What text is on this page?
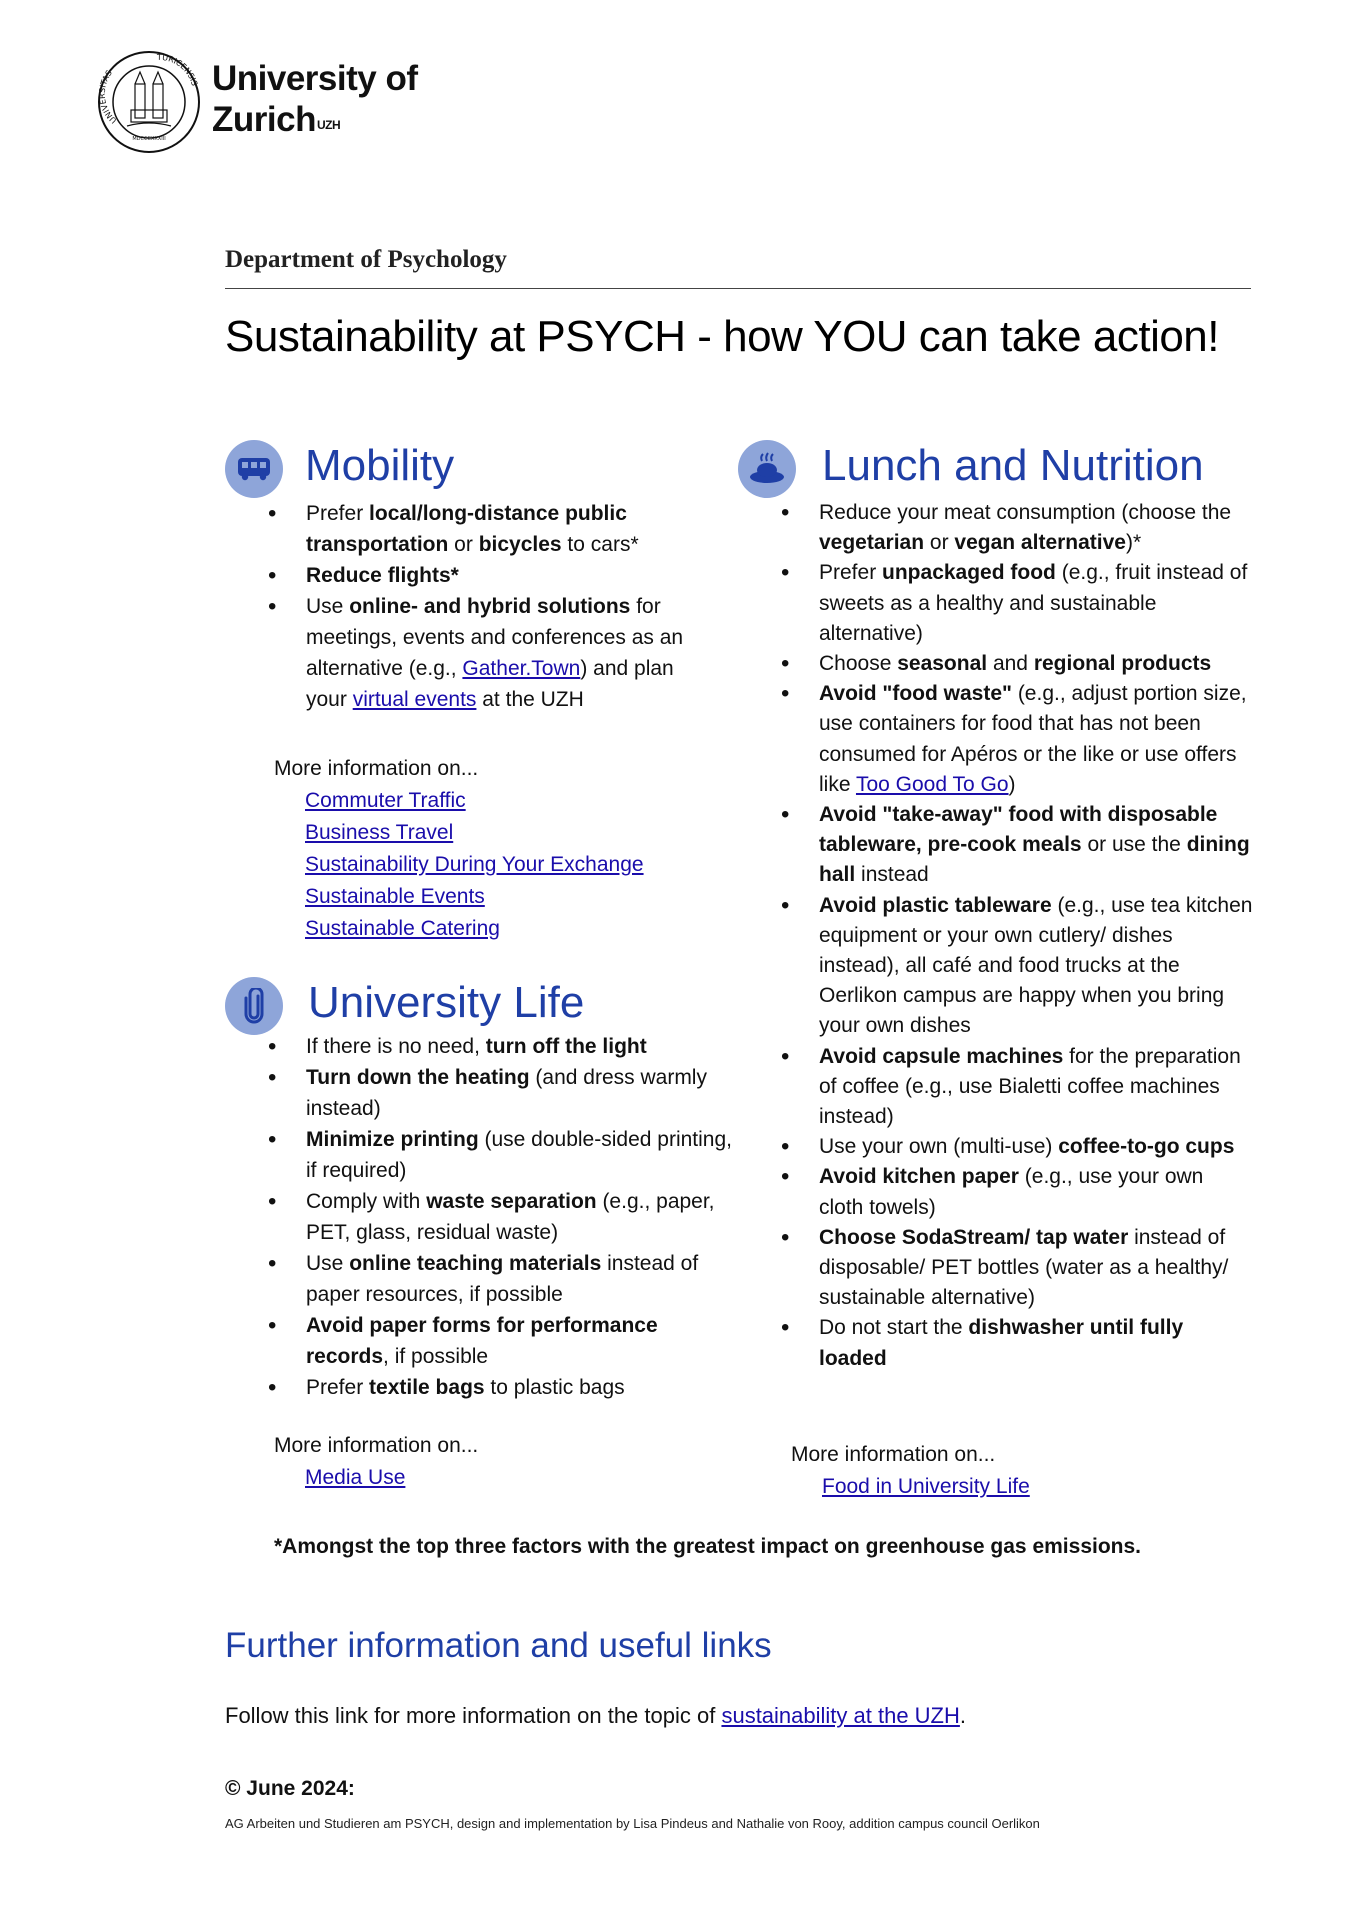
UNIVERSITAS
TURICENSIS
MDCCCXXXIII
University of
Zurich$^{UZH}$
Department of Psychology
Sustainability at PSYCH - how YOU can take action!
Mobility
• Prefer local/long-distance public transportation or bicycles to cars*
• Reduce flights*
• Use online- and hybrid solutions for meetings, events and conferences as an alternative (e.g., Gather.Town) and plan your virtual events at the UZH
More information on...
Commuter Traffic
Business Travel
Sustainability During Your Exchange
Sustainable Events
Sustainable Catering
University Life
• If there is no need, turn off the light
• Turn down the heating (and dress warmly instead)
• Minimize printing (use double-sided printing, if required)
• Comply with waste separation (e.g., paper, PET, glass, residual waste)
• Use online teaching materials instead of paper resources, if possible
• Avoid paper forms for performance records, if possible
• Prefer textile bags to plastic bags
More information on...
Media Use
Lunch and Nutrition
• Reduce your meat consumption (choose the vegetarian or vegan alternative)*
• Prefer unpackaged food (e.g., fruit instead of sweets as a healthy and sustainable alternative)
• Choose seasonal and regional products
• Avoid "food waste" (e.g., adjust portion size, use containers for food that has not been consumed for Apéros or the like or use offers like Too Good To Go)
• Avoid "take-away" food with disposable tableware, pre-cook meals or use the dining hall instead
• Avoid plastic tableware (e.g., use tea kitchen equipment or your own cutlery/ dishes instead), all café and food trucks at the Oerlikon campus are happy when you bring your own dishes
• Avoid capsule machines for the preparation of coffee (e.g., use Bialetti coffee machines instead)
• Use your own (multi-use) coffee-to-go cups
• Avoid kitchen paper (e.g., use your own cloth towels)
• Choose SodaStream/ tap water instead of disposable/ PET bottles (water as a healthy/ sustainable alternative)
• Do not start the dishwasher until fully loaded
More information on...
Food in University Life
*Amongst the top three factors with the greatest impact on greenhouse gas emissions.
Further information and useful links
Follow this link for more information on the topic of sustainability at the UZH.
© June 2024:
AG Arbeiten und Studieren am PSYCH, design and implementation by Lisa Pindeus and Nathalie von Rooy, addition campus council Oerlikon
